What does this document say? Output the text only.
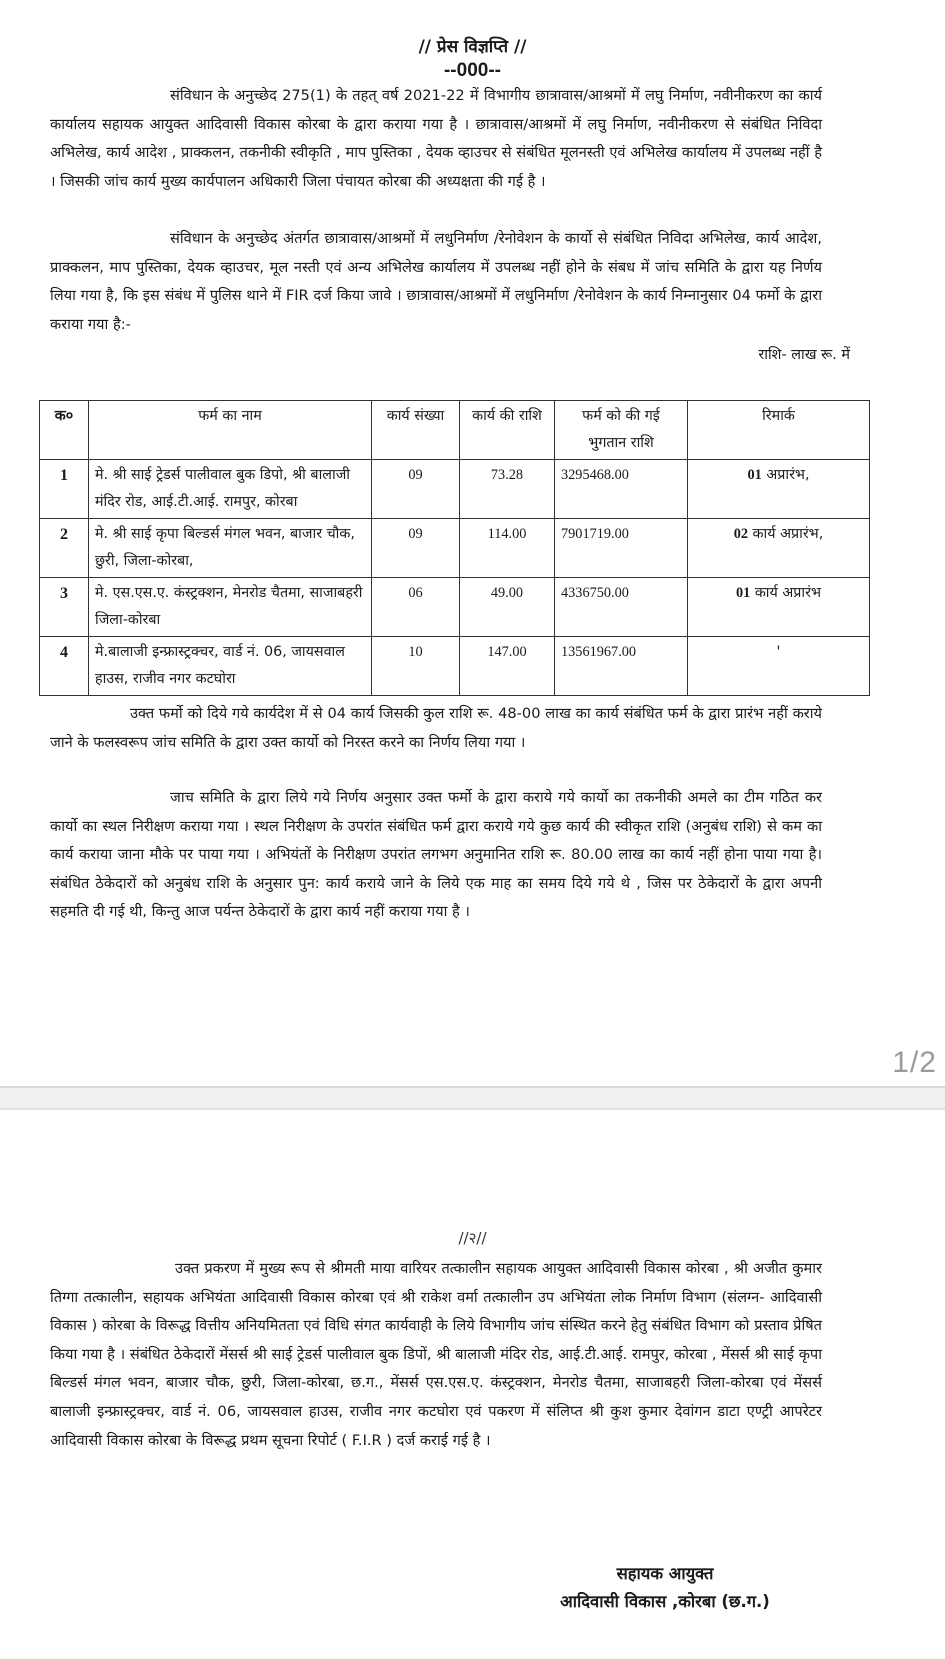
// प्रेस विज्ञप्ति //
--000--
संविधान के अनुच्छेद 275(1) के तहत् वर्ष 2021-22 में विभागीय छात्रावास/आश्रमों में लघु निर्माण, नवीनीकरण का कार्य कार्यालय सहायक आयुक्त आदिवासी विकास कोरबा के द्वारा कराया गया है । छात्रावास/आश्रमों में लघु निर्माण, नवीनीकरण से संबंधित निविदा अभिलेख, कार्य आदेश , प्राक्कलन, तकनीकी स्वीकृति , माप पुस्तिका , देयक व्हाउचर से संबंधित मूलनस्ती एवं अभिलेख कार्यालय में उपलब्ध नहीं है । जिसकी जांच कार्य मुख्य कार्यपालन अधिकारी जिला पंचायत कोरबा की अध्यक्षता की गई है ।
संविधान के अनुच्छेद अंतर्गत छात्रावास/आश्रमों में लधुनिर्माण /रेनोवेशन के कार्यो से संबंधित निविदा अभिलेख, कार्य आदेश, प्राक्कलन, माप पुस्तिका, देयक व्हाउचर, मूल नस्ती एवं अन्य अभिलेख कार्यालय में उपलब्ध नहीं होने के संबध में जांच समिति के द्वारा यह निर्णय लिया गया है, कि इस संबंध में पुलिस थाने में FIR दर्ज किया जावे । छात्रावास/आश्रमों में लधुनिर्माण /रेनोवेशन के कार्य निम्नानुसार 04 फर्मो के द्वारा कराया गया है:-
राशि- लाख रू. में
क०	फर्म का नाम	कार्य संख्या	कार्य की राशि	फर्म को की गई भुगतान राशि	रिमार्क
1	मे. श्री साई ट्रेडर्स पालीवाल बुक डिपो, श्री बालाजी मंदिर रोड, आई.टी.आई. रामपुर, कोरबा	09	73.28	3295468.00	01 अप्रारंभ,
2	मे. श्री साई कृपा बिल्डर्स मंगल भवन, बाजार चौक, छुरी, जिला-कोरबा,	09	114.00	7901719.00	02 कार्य अप्रारंभ,
3	मे. एस.एस.ए. कंस्ट्रक्शन, मेनरोड चैतमा, साजाबहरी जिला-कोरबा	06	49.00	4336750.00	01 कार्य अप्रारंभ
4	मे.बालाजी इन्फ्रास्ट्रक्चर, वार्ड नं. 06, जायसवाल हाउस, राजीव नगर कटघोरा	10	147.00	13561967.00	'
उक्त फर्मो को दिये गये कार्यदेश में से 04 कार्य जिसकी कुल राशि रू. 48-00 लाख का कार्य संबंधित फर्म के द्वारा प्रारंभ नहीं कराये जाने के फलस्वरूप जांच समिति के द्वारा उक्त कार्यो को निरस्त करने का निर्णय लिया गया ।
जाच समिति के द्वारा लिये गये निर्णय अनुसार उक्त फर्मो के द्वारा कराये गये कार्यो का तकनीकी अमले का टीम गठित कर कार्यो का स्थल निरीक्षण कराया गया । स्थल निरीक्षण के उपरांत संबंधित फर्म द्वारा कराये गये कुछ कार्य की स्वीकृत राशि (अनुबंध राशि) से कम का कार्य कराया जाना मौके पर पाया गया । अभियंतों के निरीक्षण उपरांत लगभग अनुमानित राशि रू. 80.00 लाख का कार्य नहीं होना पाया गया है। संबंधित ठेकेदारों को अनुबंध राशि के अनुसार पुन: कार्य कराये जाने के लिये एक माह का समय दिये गये थे , जिस पर ठेकेदारों के द्वारा अपनी सहमति दी गई थी, किन्तु आज पर्यन्त ठेकेदारों के द्वारा कार्य नहीं कराया गया है ।
1/2
//२//
उक्त प्रकरण में मुख्य रूप से श्रीमती माया वारियर तत्कालीन सहायक आयुक्त आदिवासी विकास कोरबा , श्री अजीत कुमार तिग्गा तत्कालीन, सहायक अभियंता आदिवासी विकास कोरबा एवं श्री राकेश वर्मा तत्कालीन उप अभियंता लोक निर्माण विभाग (संलग्न- आदिवासी विकास ) कोरबा के विरूद्ध वित्तीय अनियमितता एवं विधि संगत कार्यवाही के लिये विभागीय जांच संस्थित करने हेतु संबंधित विभाग को प्रस्ताव प्रेषित किया गया है । संबंधित ठेकेदारों मेंसर्स श्री साई ट्रेडर्स पालीवाल बुक डिपों, श्री बालाजी मंदिर रोड, आई.टी.आई. रामपुर, कोरबा , मेंसर्स श्री साई कृपा बिल्डर्स मंगल भवन, बाजार चौक, छुरी, जिला-कोरबा, छ.ग., मेंसर्स एस.एस.ए. कंस्ट्रक्शन, मेनरोड चैतमा, साजाबहरी जिला-कोरबा एवं मेंसर्स बालाजी इन्फ्रास्ट्रक्चर, वार्ड नं. 06, जायसवाल हाउस, राजीव नगर कटघोरा एवं पकरण में संलिप्त श्री कुश कुमार देवांगन डाटा एण्ट्री आपरेटर आदिवासी विकास कोरबा के विरूद्ध प्रथम सूचना रिपोर्ट ( F.I.R ) दर्ज कराई गई है ।
सहायक आयुक्त
आदिवासी विकास ,कोरबा (छ.ग.)
